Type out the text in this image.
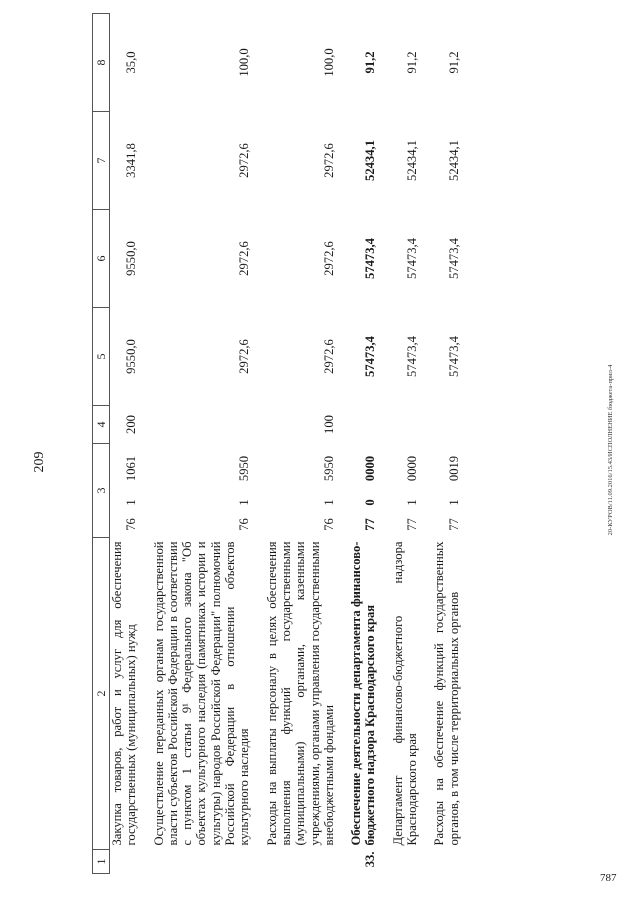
209
787
20-КУРОВ/11.09.2016/15.43/ИСПОЛНЕНИЕ бюджета-прил-4
1	2	3			4	5	6	7	8
	Закупка товаров, работ и услуг для обеспечения государственных (муниципальных) нужд	76	1	1061	200	9550,0	9550,0	3341,8	35,0
	Осуществление переданных органам государственной власти субъектов Российской Федерации в соответствии с пунктом 1 статьи 9¹ Федерального закона "Об объектах культурного наследия (памятниках истории и культуры) народов Российской Федерации" полномочий Российской Федерации в отношении объектов культурного наследия	76	1	5950		2972,6	2972,6	2972,6	100,0
	Расходы на выплаты персоналу в целях обеспечения выполнения функций государственными (муниципальными) органами, казенными учреждениями, органами управления государственными внебюджетными фондами	76	1	5950	100	2972,6	2972,6	2972,6	100,0
33.	Обеспечение деятельности департамента финансово-бюджетного надзора Краснодарского края	77	0	0000		57473,4	57473,4	52434,1	91,2
	Департамент финансово-бюджетного надзора Краснодарского края	77	1	0000		57473,4	57473,4	52434,1	91,2
	Расходы на обеспечение функций государственных органов, в том числе территориальных органов	77	1	0019		57473,4	57473,4	52434,1	91,2
